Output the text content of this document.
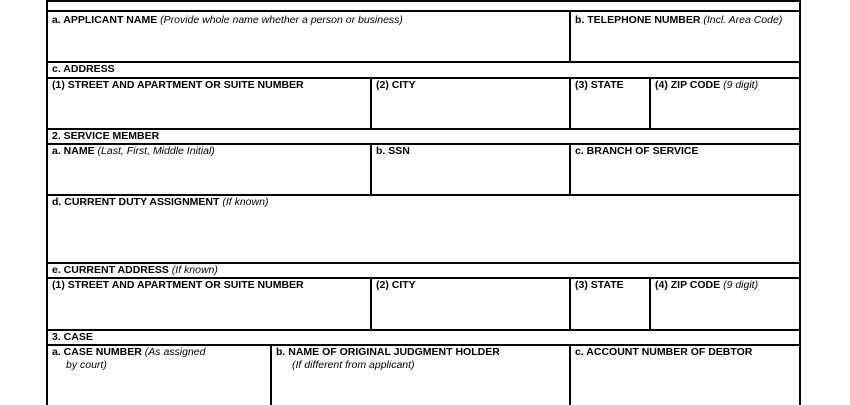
a. APPLICANT NAME (Provide whole name whether a person or business)	b. TELEPHONE NUMBER (Incl. Area Code)
c. ADDRESS
(1) STREET AND APARTMENT OR SUITE NUMBER	(2) CITY	(3) STATE	(4) ZIP CODE (9 digit)
2. SERVICE MEMBER
a. NAME (Last, First, Middle Initial)	b. SSN	c. BRANCH OF SERVICE
d. CURRENT DUTY ASSIGNMENT (If known)
e. CURRENT ADDRESS (If known)
(1) STREET AND APARTMENT OR SUITE NUMBER	(2) CITY	(3) STATE	(4) ZIP CODE (9 digit)
3. CASE
a. CASE NUMBER (As assigned
by court)
b. NAME OF ORIGINAL JUDGMENT HOLDER
(If different from applicant)
c. ACCOUNT NUMBER OF DEBTOR
